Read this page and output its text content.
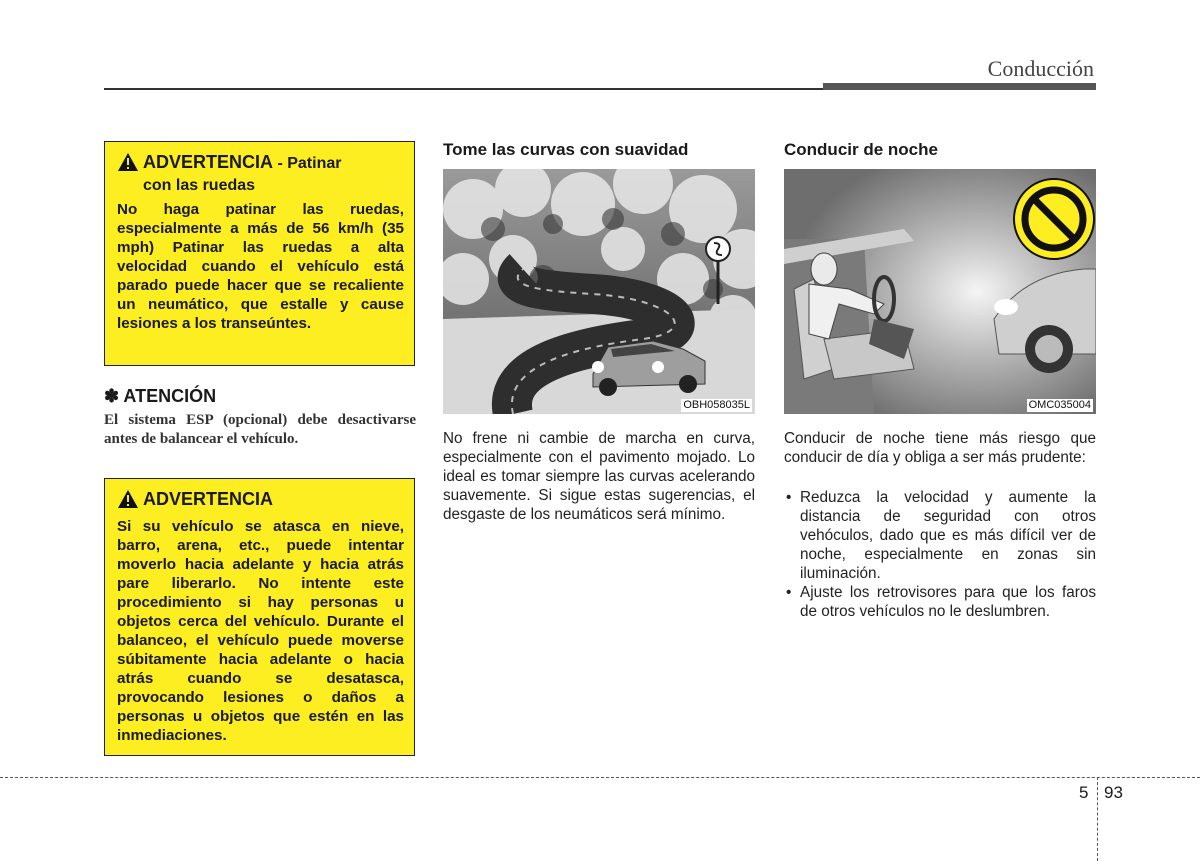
Conducción
ADVERTENCIA - Patinar
con las ruedas
No haga patinar las ruedas, especialmente a más de 56 km/h (35 mph) Patinar las ruedas a alta velocidad cuando el vehículo está parado puede hacer que se recaliente un neumático, que estalle y cause lesiones a los transeúntes.
✽ ATENCIÓN
El sistema ESP (opcional) debe desactivarse antes de balancear el vehículo.
ADVERTENCIA
Si su vehículo se atasca en nieve, barro, arena, etc., puede intentar moverlo hacia adelante y hacia atrás pare liberarlo. No intente este procedimiento si hay personas u objetos cerca del vehículo. Durante el balanceo, el vehículo puede moverse súbitamente hacia adelante o hacia atrás cuando se desatasca, provocando lesiones o daños a personas u objetos que estén en las inmediaciones.
Tome las curvas con suavidad
OBH058035L
No frene ni cambie de marcha en curva, especialmente con el pavimento mojado. Lo ideal es tomar siempre las curvas acelerando suavemente. Si sigue estas sugerencias, el desgaste de los neumáticos será mínimo.
Conducir de noche
OMC035004
Conducir de noche tiene más riesgo que conducir de día y obliga a ser más prudente:
• Reduzca la velocidad y aumente la distancia de seguridad con otros vehóculos, dado que es más difícil ver de noche, especialmente en zonas sin iluminación.
• Ajuste los retrovisores para que los faros de otros vehículos no le deslumbren.
5 93
